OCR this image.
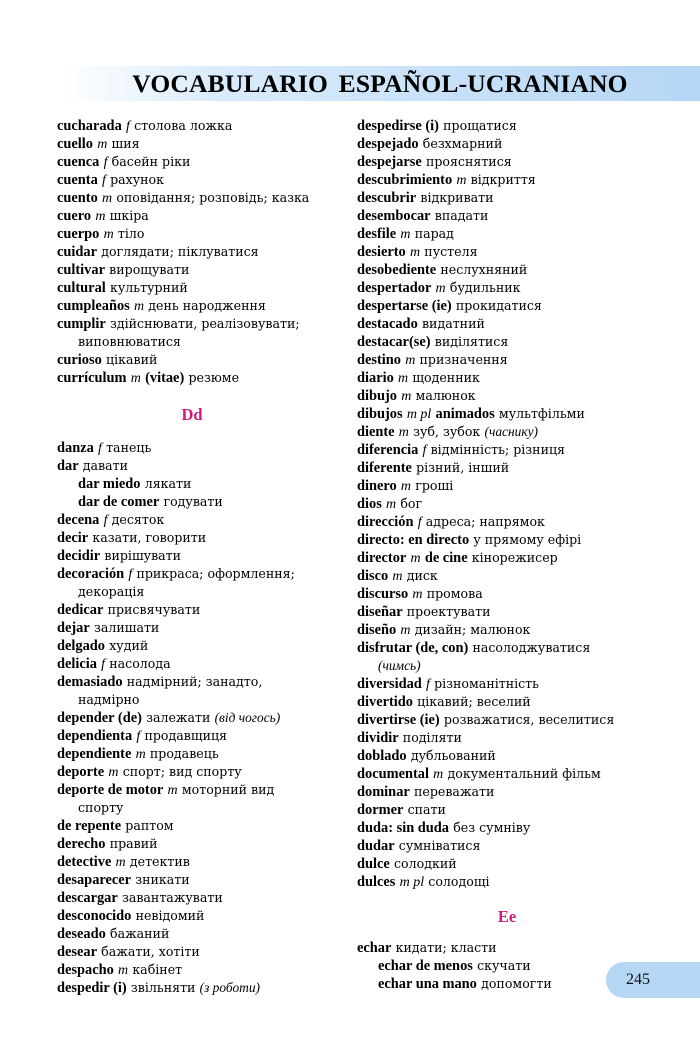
VOCABULARIO ESPAÑOL-UCRANIANO
cucharada f столова ложка
cuello m шия
cuenca f басейн ріки
cuenta f рахунок
cuento m оповідання; розповідь; казка
cuero m шкіра
cuerpo m тіло
cuidar доглядати; піклуватися
cultivar вирощувати
cultural культурний
cumpleaños m день народження
cumplir здійснювати, реалізовувати;
виповнюватися
curioso цікавий
currículum m (vitae) резюме
Dd
danza f танець
dar давати
dar miedo лякати
dar de comer годувати
decena f десяток
decir казати, говорити
decidir вирішувати
decoración f прикраса; оформлення;
декорація
dedicar присвячувати
dejar залишати
delgado худий
delicia f насолода
demasiado надмірний; занадто,
надмірно
depender (de) залежати (від чогось)
dependienta f продавщиця
dependiente m продавець
deporte m спорт; вид спорту
deporte de motor m моторний вид
спорту
de repente раптом
derecho правий
detective m детектив
desaparecer зникати
descargar завантажувати
desconocido невідомий
deseado бажаний
desear бажати, хотіти
despacho m кабінет
despedir (i) звільняти (з роботи)
despedirse (i) прощатися
despejado безхмарний
despejarse прояснятися
descubrimiento m відкриття
descubrir відкривати
desembocar впадати
desfile m парад
desierto m пустеля
desobediente неслухняний
despertador m будильник
despertarse (ie) прокидатися
destacado видатний
destacar(se) виділятися
destino m призначення
diario m щоденник
dibujo m малюнок
dibujos m pl animados мультфільми
diente m зуб, зубок (часнику)
diferencia f відмінність; різниця
diferente різний, інший
dinero m гроші
dios m бог
dirección f адреса; напрямок
directo: en directo у прямому ефірі
director m de cine кінорежисер
disco m диск
discurso m промова
diseñar проектувати
diseño m дизайн; малюнок
disfrutar (de, con) насолоджуватися
(чимсь)
diversidad f різноманітність
divertido цікавий; веселий
divertirse (ie) розважатися, веселитися
dividir поділяти
doblado дубльований
documental m документальний фільм
dominar переважати
dormer спати
duda: sin duda без сумніву
dudar сумніватися
dulce солодкий
dulces m pl солодощі
Ee
echar кидати; класти
echar de menos скучати
echar una mano допомогти	245
